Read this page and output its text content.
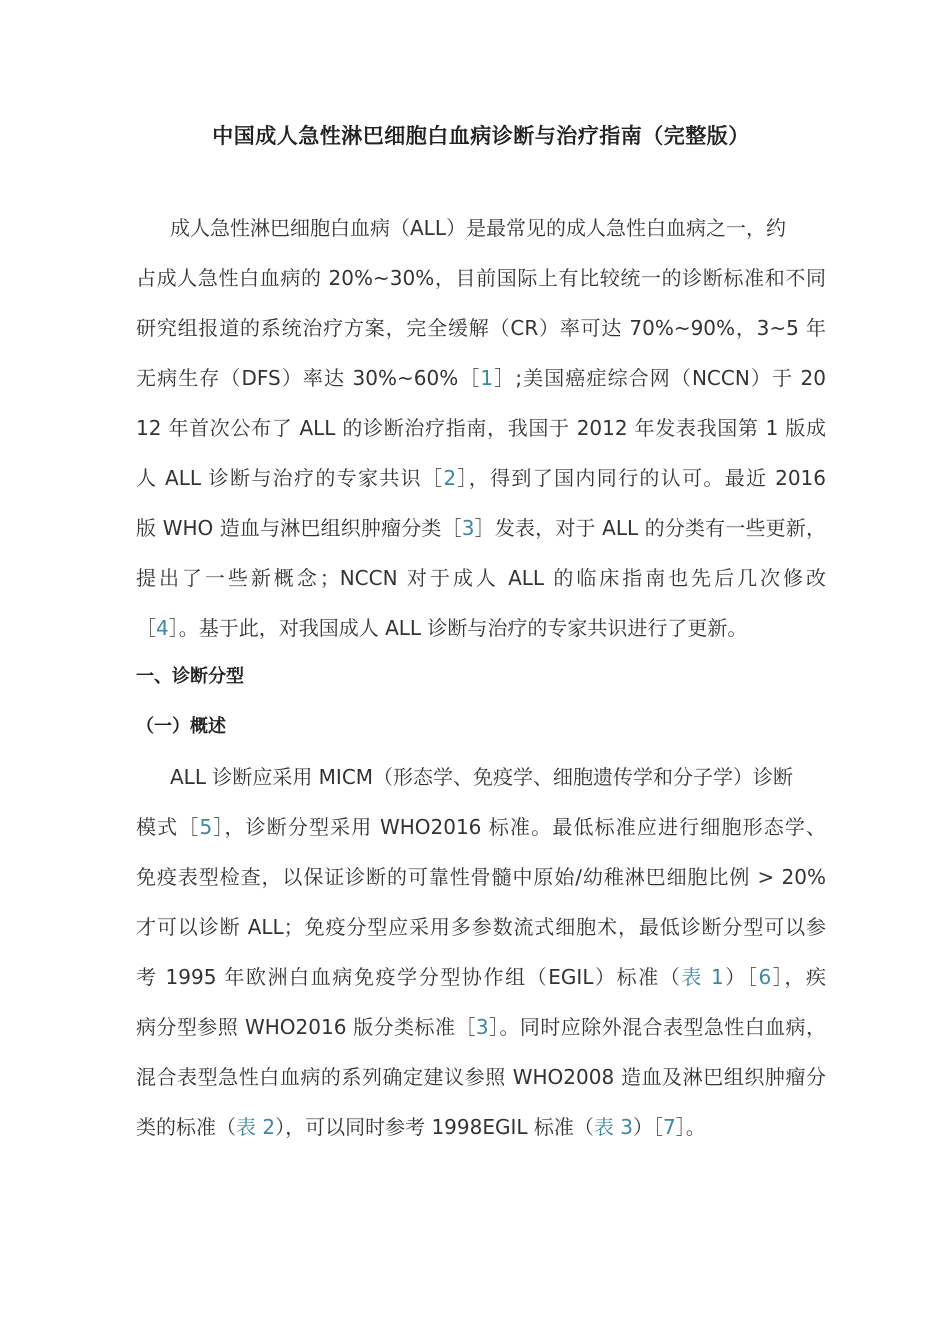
中国成人急性淋巴细胞白血病诊断与治疗指南（完整版）
成人急性淋巴细胞白血病（ALL）是最常见的成人急性白血病之一，约
占成人急性白血病的 20%~30%，目前国际上有比较统一的诊断标准和不同
研究组报道的系统治疗方案，完全缓解（CR）率可达 70%~90%，3~5 年
无病生存（DFS）率达 30%~60%［1］;美国癌症综合网（NCCN）于 20
12 年首次公布了 ALL 的诊断治疗指南，我国于 2012 年发表我国第 1 版成
人 ALL 诊断与治疗的专家共识［2］，得到了国内同行的认可。最近 2016
版 WHO 造血与淋巴组织肿瘤分类［3］发表，对于 ALL 的分类有一些更新，
提出了一些新概念；NCCN 对于成人 ALL 的临床指南也先后几次修改
［4］。基于此，对我国成人 ALL 诊断与治疗的专家共识进行了更新。
一、诊断分型
（一）概述
ALL 诊断应采用 MICM（形态学、免疫学、细胞遗传学和分子学）诊断
模式［5］，诊断分型采用 WHO2016 标准。最低标准应进行细胞形态学、
免疫表型检查，以保证诊断的可靠性骨髓中原始/幼稚淋巴细胞比例 > 20%
才可以诊断 ALL；免疫分型应采用多参数流式细胞术，最低诊断分型可以参
考 1995 年欧洲白血病免疫学分型协作组（EGIL）标准（表 1）［6］，疾
病分型参照 WHO2016 版分类标准［3］。同时应除外混合表型急性白血病，
混合表型急性白血病的系列确定建议参照 WHO2008 造血及淋巴组织肿瘤分
类的标准（表 2），可以同时参考 1998EGIL 标准（表 3）［7］。
